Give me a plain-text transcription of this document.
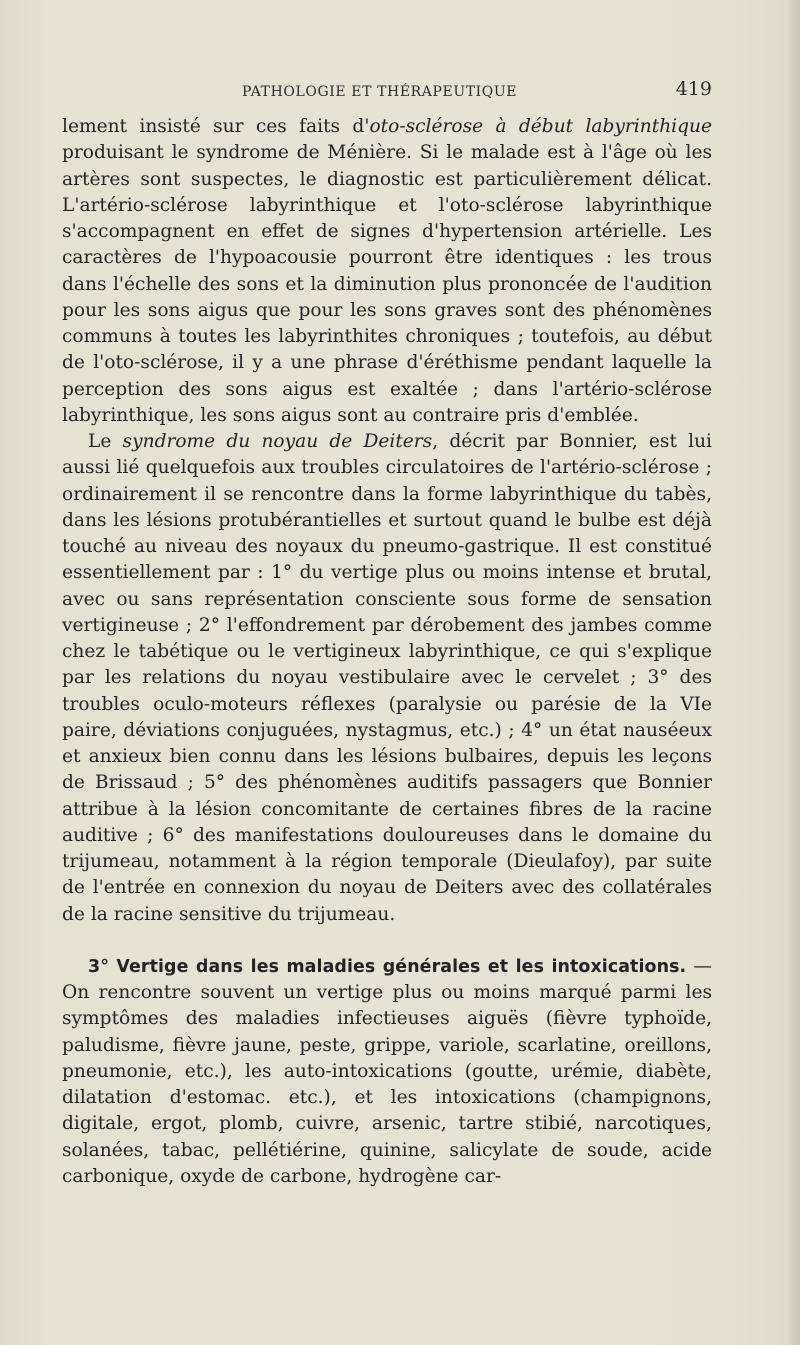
PATHOLOGIE ET THÉRAPEUTIQUE	419

lement insisté sur ces faits d'oto-sclérose à début labyrinthique produisant le syndrome de Ménière. Si le malade est à l'âge où les artères sont suspectes, le diagnostic est particulièrement délicat. L'artério-sclérose labyrinthique et l'oto-sclérose labyrinthique s'accompagnent en effet de signes d'hypertension artérielle. Les caractères de l'hypoacousie pourront être identiques : les trous dans l'échelle des sons et la diminution plus prononcée de l'audition pour les sons aigus que pour les sons graves sont des phénomènes communs à toutes les labyrinthites chroniques ; toutefois, au début de l'oto-sclérose, il y a une phrase d'éréthisme pendant laquelle la perception des sons aigus est exaltée ; dans l'artério-sclérose labyrinthique, les sons aigus sont au contraire pris d'emblée.

Le syndrome du noyau de Deiters, décrit par Bonnier, est lui aussi lié quelquefois aux troubles circulatoires de l'artério-sclérose ; ordinairement il se rencontre dans la forme labyrinthique du tabès, dans les lésions protubérantielles et surtout quand le bulbe est déjà touché au niveau des noyaux du pneumo-gastrique. Il est constitué essentiellement par : 1° du vertige plus ou moins intense et brutal, avec ou sans représentation consciente sous forme de sensation vertigineuse ; 2° l'effondrement par dérobement des jambes comme chez le tabétique ou le vertigineux labyrinthique, ce qui s'explique par les relations du noyau vestibulaire avec le cervelet ; 3° des troubles oculo-moteurs réflexes (paralysie ou parésie de la VIe paire, déviations conjuguées, nystagmus, etc.) ; 4° un état nauséeux et anxieux bien connu dans les lésions bulbaires, depuis les leçons de Brissaud ; 5° des phénomènes auditifs passagers que Bonnier attribue à la lésion concomitante de certaines fibres de la racine auditive ; 6° des manifestations douloureuses dans le domaine du trijumeau, notamment à la région temporale (Dieulafoy), par suite de l'entrée en connexion du noyau de Deiters avec des collatérales de la racine sensitive du trijumeau.

3° Vertige dans les maladies générales et les intoxications. — On rencontre souvent un vertige plus ou moins marqué parmi les symptômes des maladies infectieuses aiguës (fièvre typhoïde, paludisme, fièvre jaune, peste, grippe, variole, scarlatine, oreillons, pneumonie, etc.), les auto-intoxications (goutte, urémie, diabète, dilatation d'estomac. etc.), et les intoxications (champignons, digitale, ergot, plomb, cuivre, arsenic, tartre stibié, narcotiques, solanées, tabac, pellétiérine, quinine, salicylate de soude, acide carbonique, oxyde de carbone, hydrogène car-
